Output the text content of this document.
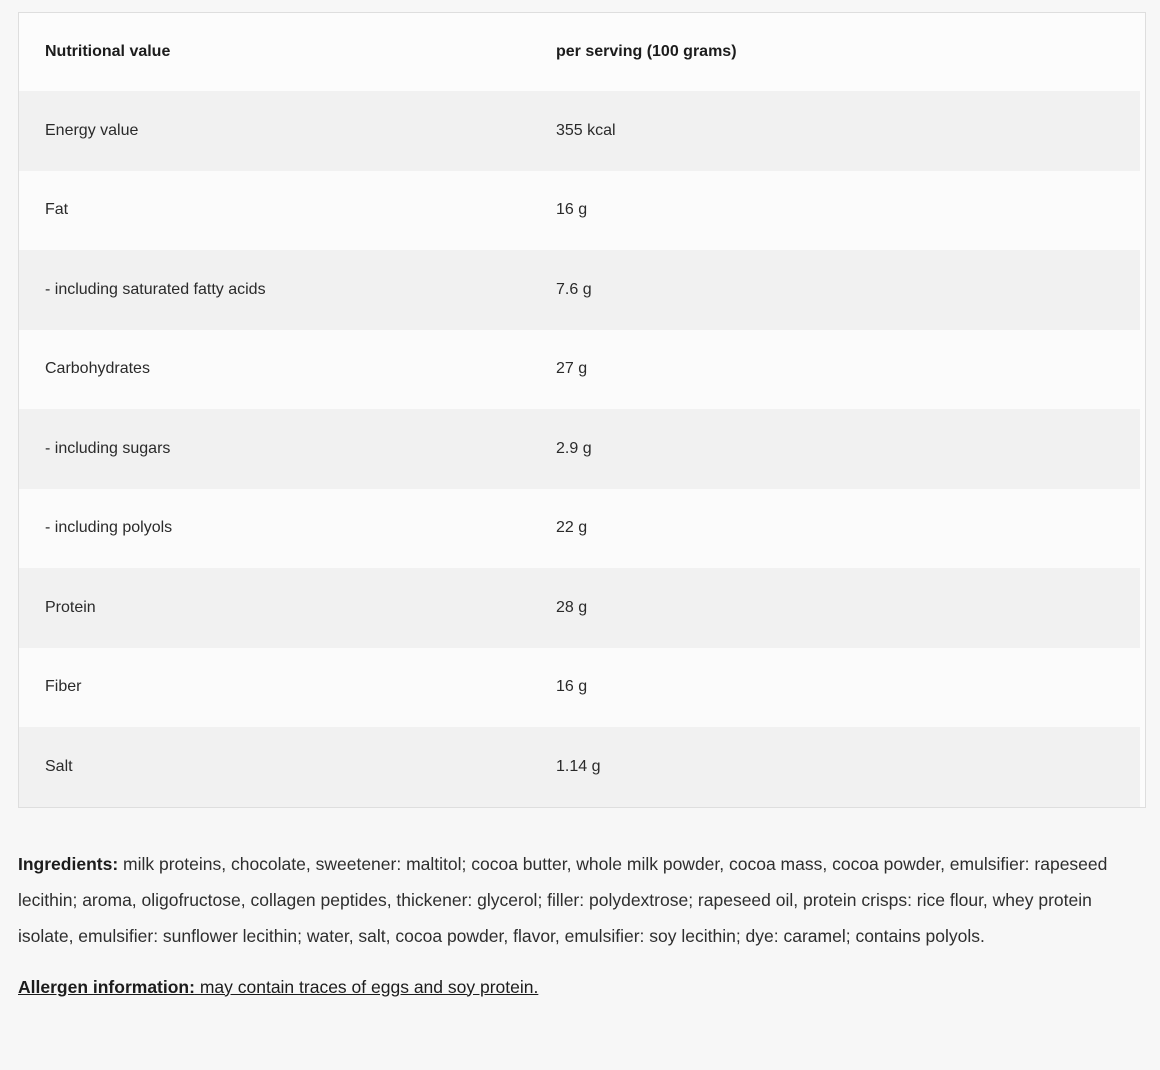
Nutritional value	per serving (100 grams)
Energy value	355 kcal
Fat	16 g
- including saturated fatty acids	7.6 g
Carbohydrates	27 g
- including sugars	2.9 g
- including polyols	22 g
Protein	28 g
Fiber	16 g
Salt	1.14 g

Ingredients: milk proteins, chocolate, sweetener: maltitol; cocoa butter, whole milk powder, cocoa mass, cocoa powder, emulsifier: rapeseed lecithin; aroma, oligofructose, collagen peptides, thickener: glycerol; filler: polydextrose; rapeseed oil, protein crisps: rice flour, whey protein isolate, emulsifier: sunflower lecithin; water, salt, cocoa powder, flavor, emulsifier: soy lecithin; dye: caramel; contains polyols.

Allergen information: may contain traces of eggs and soy protein.
